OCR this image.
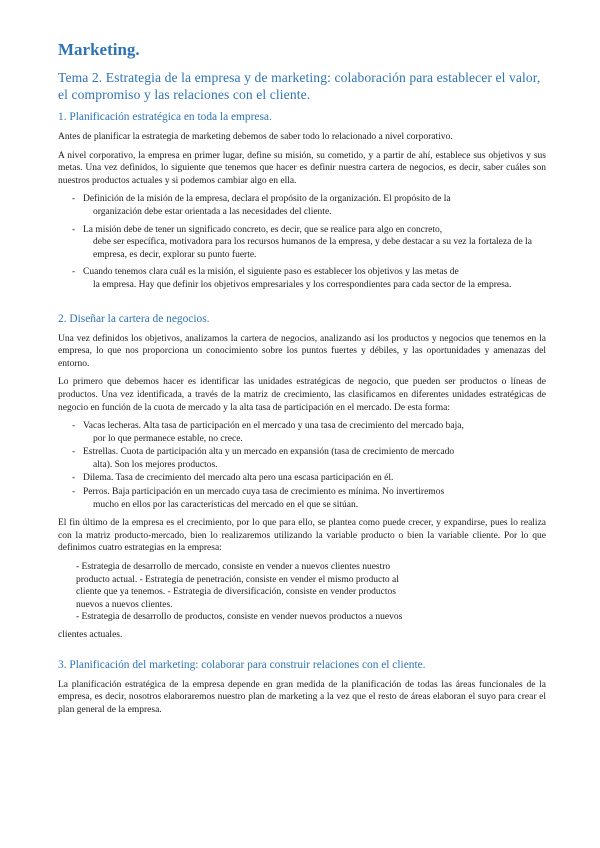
Marketing.
Tema 2. Estrategia de la empresa y de marketing: colaboración para establecer el valor, el compromiso y las relaciones con el cliente.
1. Planificación estratégica en toda la empresa.

Antes de planificar la estrategia de marketing debemos de saber todo lo relacionado a nivel corporativo.

A nivel corporativo, la empresa en primer lugar, define su misión, su cometido, y a partir de ahí, establece sus objetivos y sus metas. Una vez definidos, lo siguiente que tenemos que hacer es definir nuestra cartera de negocios, es decir, saber cuáles son nuestros productos actuales y si podemos cambiar algo en ella.

- Definición de la misión de la empresa, declara el propósito de la organización. El propósito de la
organización debe estar orientada a las necesidades del cliente.
- La misión debe de tener un significado concreto, es decir, que se realice para algo en concreto,
debe ser específica, motivadora para los recursos humanos de la empresa, y debe destacar a su vez la fortaleza de la empresa, es decir, explorar su punto fuerte.
- Cuando tenemos clara cuál es la misión, el siguiente paso es establecer los objetivos y las metas de
la empresa. Hay que definir los objetivos empresariales y los correspondientes para cada sector de la empresa.
2. Diseñar la cartera de negocios.

Una vez definidos los objetivos, analizamos la cartera de negocios, analizando así los productos y negocios que tenemos en la empresa, lo que nos proporciona un conocimiento sobre los puntos fuertes y débiles, y las oportunidades y amenazas del entorno.

Lo primero que debemos hacer es identificar las unidades estratégicas de negocio, que pueden ser productos o líneas de productos. Una vez identificada, a través de la matriz de crecimiento, las clasificamos en diferentes unidades estratégicas de negocio en función de la cuota de mercado y la alta tasa de participación en el mercado. De esta forma:

- Vacas lecheras. Alta tasa de participación en el mercado y una tasa de crecimiento del mercado baja,
por lo que permanece estable, no crece.
- Estrellas. Cuota de participación alta y un mercado en expansión (tasa de crecimiento de mercado
alta). Son los mejores productos.
- Dilema. Tasa de crecimiento del mercado alta pero una escasa participación en él.
- Perros. Baja participación en un mercado cuya tasa de crecimiento es mínima. No invertiremos
mucho en ellos por las características del mercado en el que se sitúan.

El fin último de la empresa es el crecimiento, por lo que para ello, se plantea como puede crecer, y expandirse, pues lo realiza con la matriz producto-mercado, bien lo realizaremos utilizando la variable producto o bien la variable cliente. Por lo que definimos cuatro estrategias en la empresa:

- Estrategia de desarrollo de mercado, consiste en vender a nuevos clientes nuestro
producto actual. - Estrategia de penetración, consiste en vender el mismo producto al
cliente que ya tenemos. - Estrategia de diversificación, consiste en vender productos
nuevos a nuevos clientes.
- Estrategia de desarrollo de productos, consiste en vender nuevos productos a nuevos

clientes actuales.

3. Planificación del marketing: colaborar para construir relaciones con el cliente.

La planificación estratégica de la empresa depende en gran medida de la planificación de todas las áreas funcionales de la empresa, es decir, nosotros elaboraremos nuestro plan de marketing a la vez que el resto de áreas elaboran el suyo para crear el plan general de la empresa.
